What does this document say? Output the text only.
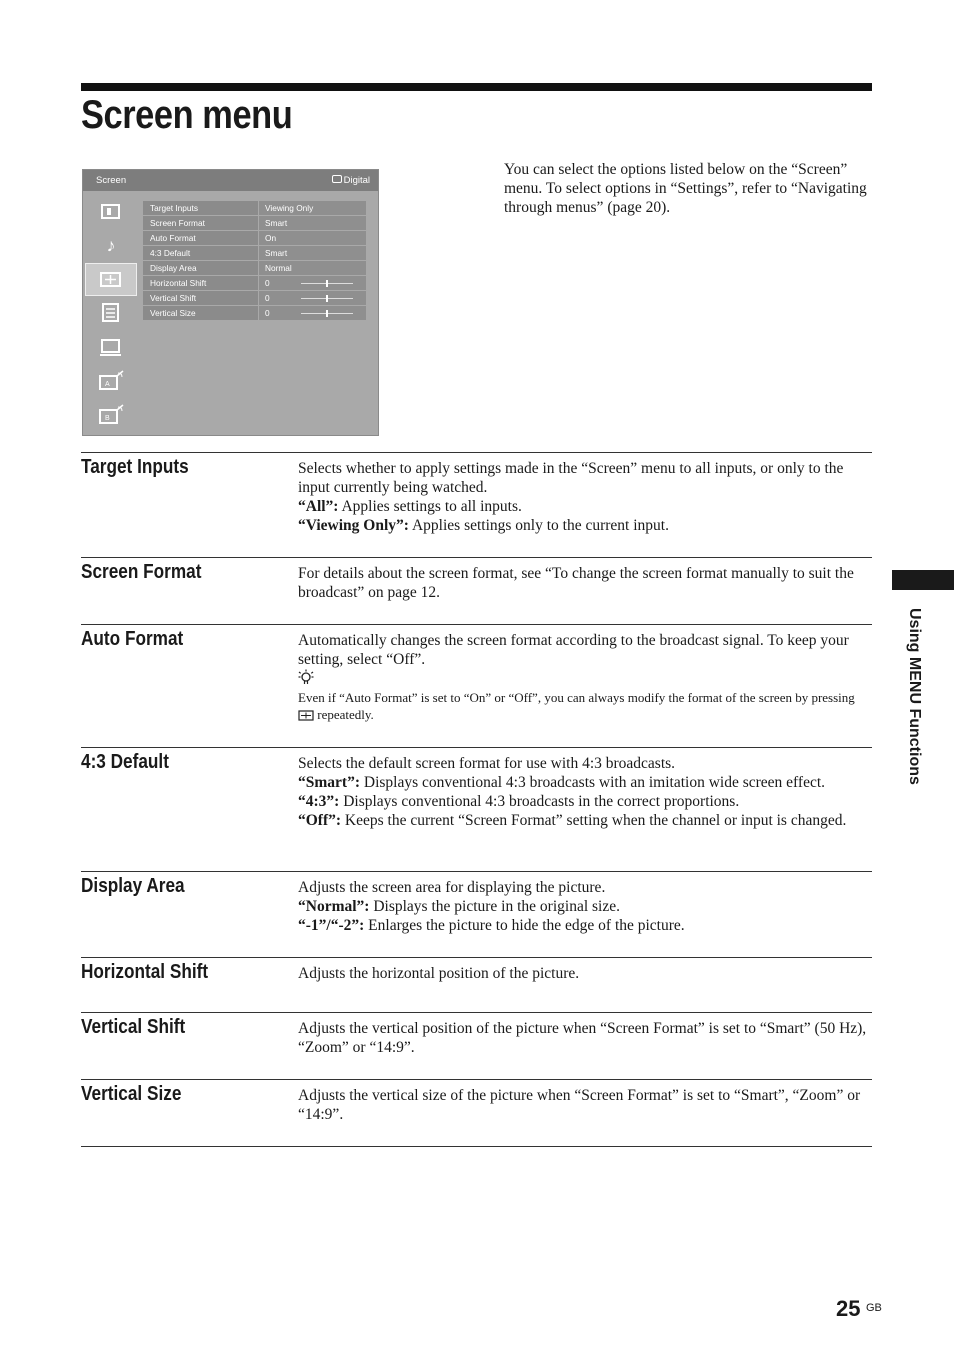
Screen menu
You can select the options listed below on the “Screen” menu. To select options in “Settings”, refer to “Navigating through menus” (page 20).
Screen	Digital
♪
A
B
Target Inputs	Viewing Only
Screen Format	Smart
Auto Format	On
4:3 Default	Smart
Display Area	Normal
Horizontal Shift	0
Vertical Shift	0
Vertical Size	0
Target Inputs	Selects whether to apply settings made in the “Screen” menu to all inputs, or only to the input currently being watched.

“All”: Applies settings to all inputs.

“Viewing Only”: Applies settings only to the current input.

Screen Format	For details about the screen format, see “To change the screen format manually to suit the broadcast” on page 12.

Auto Format	Automatically changes the screen format according to the broadcast signal. To keep your setting, select “Off”.

Even if “Auto Format” is set to “On” or “Off”, you can always modify the format of the screen by pressing  repeatedly.

4:3 Default	Selects the default screen format for use with 4:3 broadcasts.

“Smart”: Displays conventional 4:3 broadcasts with an imitation wide screen effect.

“4:3”: Displays conventional 4:3 broadcasts in the correct proportions.

“Off”: Keeps the current “Screen Format” setting when the channel or input is changed.

Display Area	Adjusts the screen area for displaying the picture.

“Normal”: Displays the picture in the original size.

“-1”/“-2”: Enlarges the picture to hide the edge of the picture.

Horizontal Shift	Adjusts the horizontal position of the picture.

Vertical Shift	Adjusts the vertical position of the picture when “Screen Format” is set to “Smart” (50 Hz), “Zoom” or “14:9”.

Vertical Size	Adjusts the vertical size of the picture when “Screen Format” is set to “Smart”, “Zoom” or “14:9”.

Using MENU Functions
25 GB
